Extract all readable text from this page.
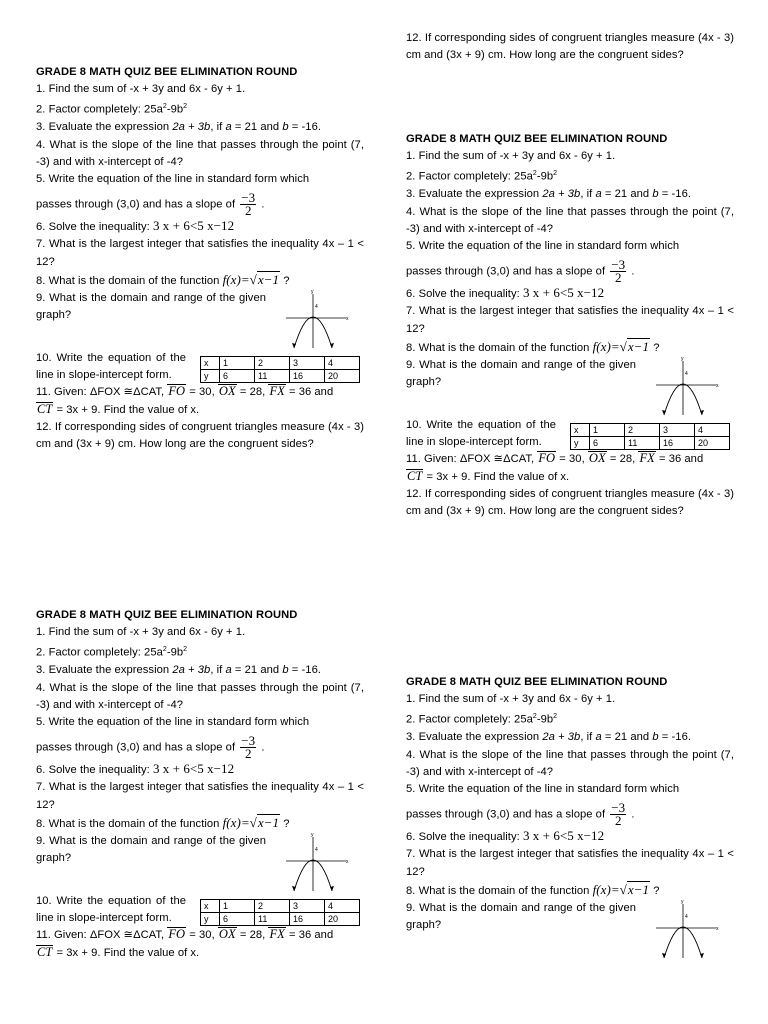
GRADE 8 MATH QUIZ BEE ELIMINATION ROUND
1. Find the sum of -x + 3y and 6x - 6y + 1.
2. Factor completely: $25a^2-9b^2$
3. Evaluate the expression 2a + 3b, if a = 21 and b = -16.
4. What is the slope of the line that passes through the point (7, -3) and with x-intercept of -4?
5. Write the equation of the line in standard form which
passes through (3,0) and has a slope of $\frac{-3}{2}$ .
6. Solve the inequality: 3 x + 6<5 x−12
7. What is the largest integer that satisfies the inequality 4x – 1 < 12?
8. What is the domain of the function f(x)=√x−1 ?
9. What is the domain and range of the given graph?
y
x
4
10. Write the equation of the line in slope-intercept form.
x	1	2	3	4
y	6	11	16	20
11. Given: ΔFOX ≅ΔCAT, FO = 30, OX = 28, FX = 36 and
CT = 3x + 9. Find the value of x.
12. If corresponding sides of congruent triangles measure (4x - 3) cm and (3x + 9) cm. How long are the congruent sides?
12. If corresponding sides of congruent triangles measure (4x - 3) cm and (3x + 9) cm. How long are the congruent sides?
GRADE 8 MATH QUIZ BEE ELIMINATION ROUND
1. Find the sum of -x + 3y and 6x - 6y + 1.
2. Factor completely: $25a^2-9b^2$
3. Evaluate the expression 2a + 3b, if a = 21 and b = -16.
4. What is the slope of the line that passes through the point (7, -3) and with x-intercept of -4?
5. Write the equation of the line in standard form which
passes through (3,0) and has a slope of $\frac{-3}{2}$ .
6. Solve the inequality: 3 x + 6<5 x−12
7. What is the largest integer that satisfies the inequality 4x – 1 < 12?
8. What is the domain of the function f(x)=√x−1 ?
9. What is the domain and range of the given graph?
y
x
4
10. Write the equation of the line in slope-intercept form.
x	1	2	3	4
y	6	11	16	20
11. Given: ΔFOX ≅ΔCAT, FO = 30, OX = 28, FX = 36 and
CT = 3x + 9. Find the value of x.
12. If corresponding sides of congruent triangles measure (4x - 3) cm and (3x + 9) cm. How long are the congruent sides?
GRADE 8 MATH QUIZ BEE ELIMINATION ROUND
1. Find the sum of -x + 3y and 6x - 6y + 1.
2. Factor completely: $25a^2-9b^2$
3. Evaluate the expression 2a + 3b, if a = 21 and b = -16.
4. What is the slope of the line that passes through the point (7, -3) and with x-intercept of -4?
5. Write the equation of the line in standard form which
passes through (3,0) and has a slope of $\frac{-3}{2}$ .
6. Solve the inequality: 3 x + 6<5 x−12
7. What is the largest integer that satisfies the inequality 4x – 1 < 12?
8. What is the domain of the function f(x)=√x−1 ?
9. What is the domain and range of the given graph?
y
x
4
10. Write the equation of the line in slope-intercept form.
x	1	2	3	4
y	6	11	16	20
11. Given: ΔFOX ≅ΔCAT, FO = 30, OX = 28, FX = 36 and
CT = 3x + 9. Find the value of x.
GRADE 8 MATH QUIZ BEE ELIMINATION ROUND
1. Find the sum of -x + 3y and 6x - 6y + 1.
2. Factor completely: $25a^2-9b^2$
3. Evaluate the expression 2a + 3b, if a = 21 and b = -16.
4. What is the slope of the line that passes through the point (7, -3) and with x-intercept of -4?
5. Write the equation of the line in standard form which
passes through (3,0) and has a slope of $\frac{-3}{2}$ .
6. Solve the inequality: 3 x + 6<5 x−12
7. What is the largest integer that satisfies the inequality 4x – 1 < 12?
8. What is the domain of the function f(x)=√x−1 ?
9. What is the domain and range of the given graph?
y
x
4
